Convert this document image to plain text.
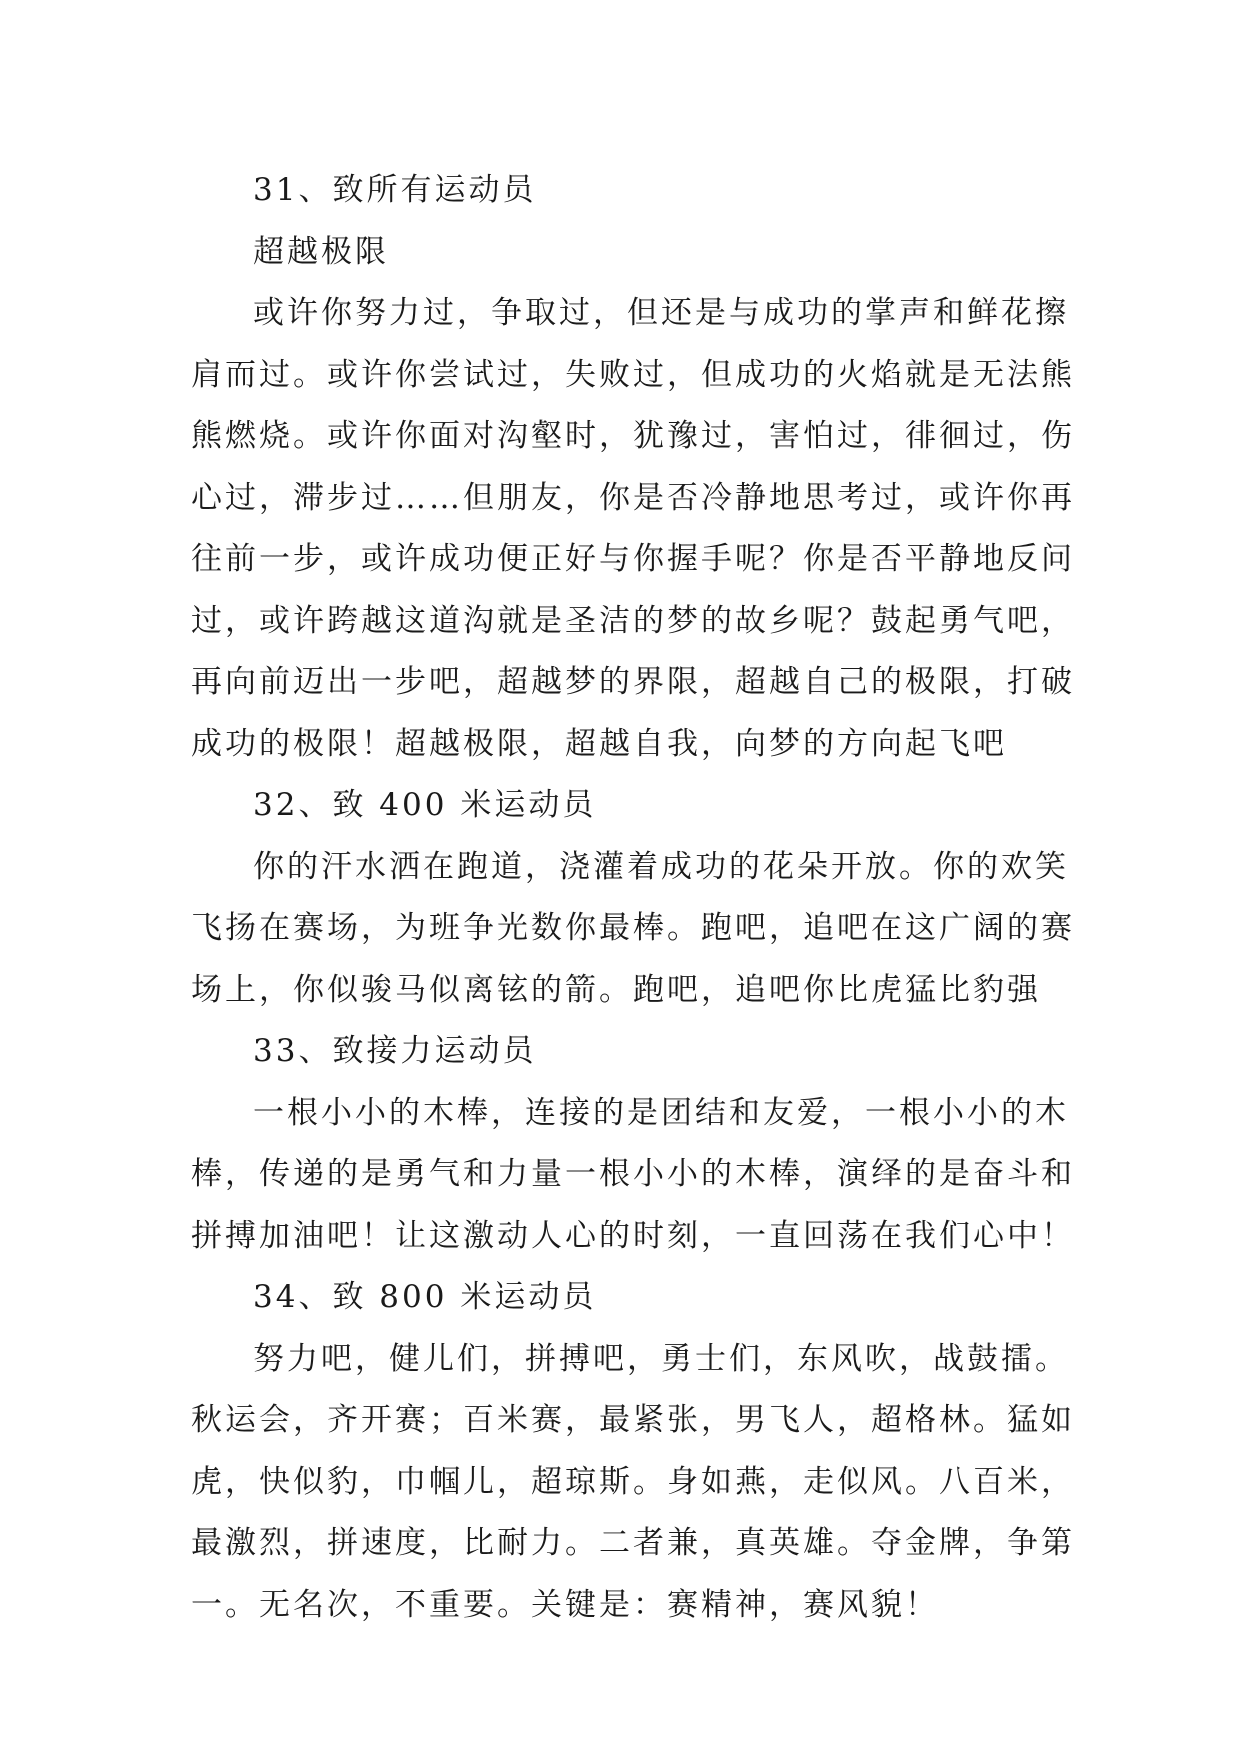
31、致所有运动员

超越极限

或许你努力过，争取过，但还是与成功的掌声和鲜花擦
肩而过。或许你尝试过，失败过，但成功的火焰就是无法熊
熊燃烧。或许你面对沟壑时，犹豫过，害怕过，徘徊过，伤
心过，滞步过……但朋友，你是否冷静地思考过，或许你再
往前一步，或许成功便正好与你握手呢？你是否平静地反问
过，或许跨越这道沟就是圣洁的梦的故乡呢？鼓起勇气吧，
再向前迈出一步吧，超越梦的界限，超越自己的极限，打破
成功的极限！超越极限，超越自我，向梦的方向起飞吧

32、致 400 米运动员

你的汗水洒在跑道，浇灌着成功的花朵开放。你的欢笑
飞扬在赛场，为班争光数你最棒。跑吧，追吧在这广阔的赛
场上，你似骏马似离铉的箭。跑吧，追吧你比虎猛比豹强

33、致接力运动员

一根小小的木棒，连接的是团结和友爱，一根小小的木
棒，传递的是勇气和力量一根小小的木棒，演绎的是奋斗和
拼搏加油吧！让这激动人心的时刻，一直回荡在我们心中！

34、致 800 米运动员

努力吧，健儿们，拼搏吧，勇士们，东风吹，战鼓擂。
秋运会，齐开赛；百米赛，最紧张，男飞人，超格林。猛如
虎，快似豹，巾帼儿，超琼斯。身如燕，走似风。八百米，
最激烈，拼速度，比耐力。二者兼，真英雄。夺金牌，争第
一。无名次，不重要。关键是：赛精神，赛风貌！
